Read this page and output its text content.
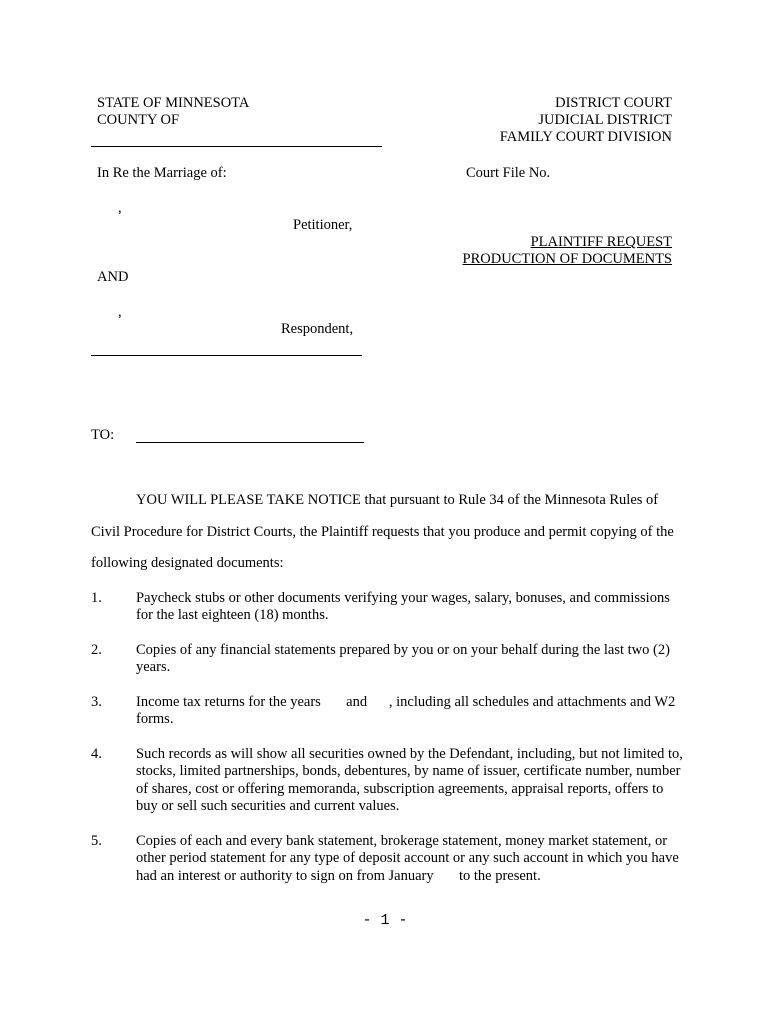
STATE OF MINNESOTA
COUNTY OF
DISTRICT COURT
JUDICIAL DISTRICT
FAMILY COURT DIVISION
In Re the Marriage of:	Court File No.
,
Petitioner,
PLAINTIFF REQUEST
PRODUCTION OF DOCUMENTS
AND
,
Respondent,
TO:
YOU WILL PLEASE TAKE NOTICE that pursuant to Rule 34 of the Minnesota Rules of Civil Procedure for District Courts, the Plaintiff requests that you produce and permit copying of the following designated documents:
1. Paycheck stubs or other documents verifying your wages, salary, bonuses, and commissions for the last eighteen (18) months.
2. Copies of any financial statements prepared by you or on your behalf during the last two (2) years.
3. Income tax returns for the years       and      , including all schedules and attachments and W2 forms.
4. Such records as will show all securities owned by the Defendant, including, but not limited to, stocks, limited partnerships, bonds, debentures, by name of issuer, certificate number, number of shares, cost or offering memoranda, subscription agreements, appraisal reports, offers to buy or sell such securities and current values.
5. Copies of each and every bank statement, brokerage statement, money market statement, or other period statement for any type of deposit account or any such account in which you have had an interest or authority to sign on from January       to the present.
- 1 -
